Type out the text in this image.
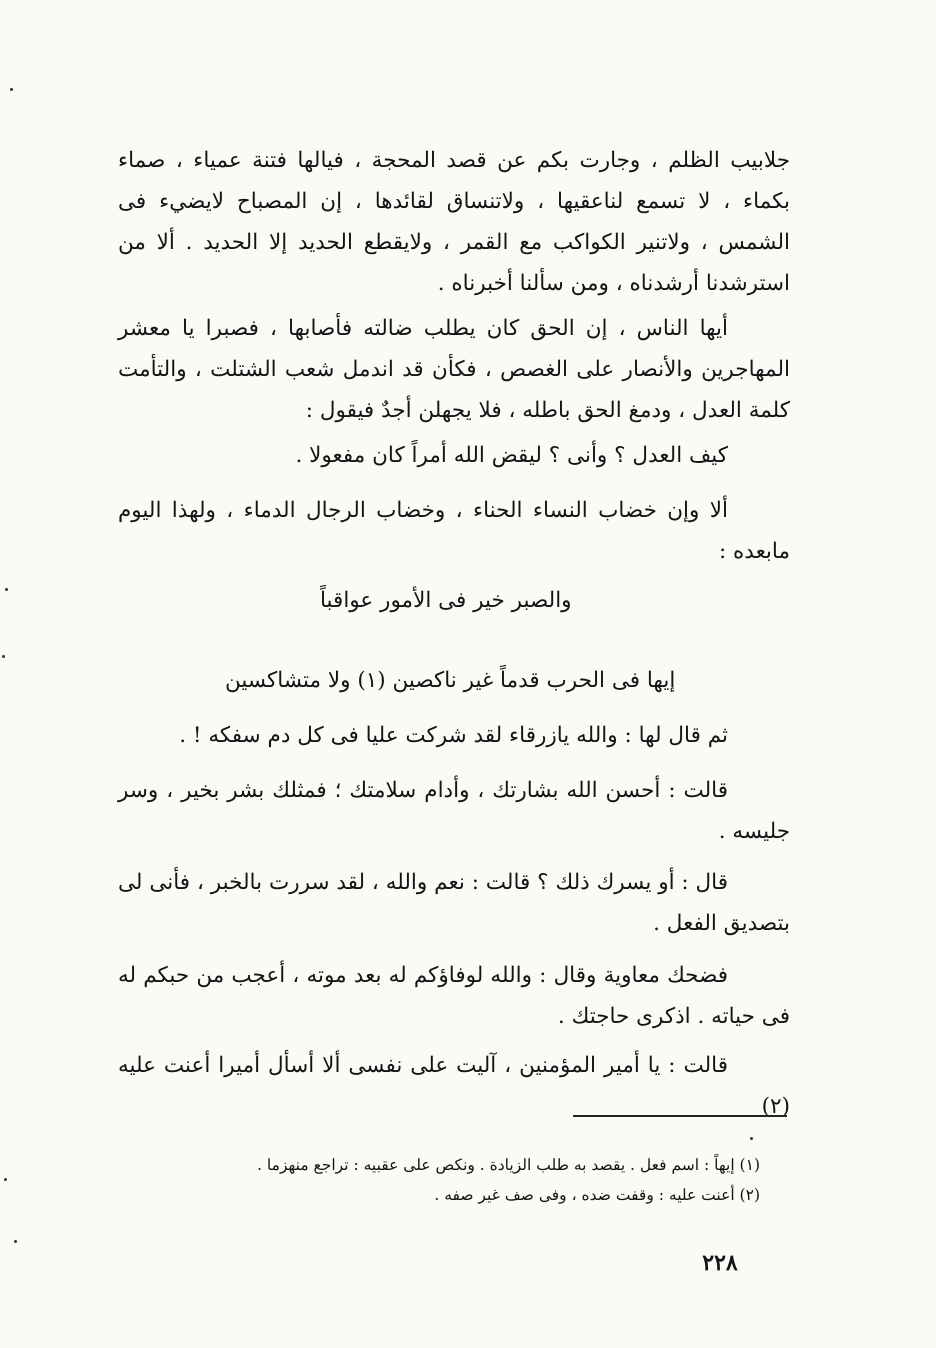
جلابيب الظلم ، وجارت بكم عن قصد المحجة ، فيالها فتنة عمياء ، صماء بكماء ، لا تسمع لناعقيها ، ولاتنساق لقائدها ، إن المصباح لايضيء فى الشمس ، ولاتنير الكواكب مع القمر ، ولايقطع الحديد إلا الحديد . ألا من استرشدنا أرشدناه ، ومن سألنا أخبرناه .

أيها الناس ، إن الحق كان يطلب ضالته فأصابها ، فصبرا يا معشر المهاجرين والأنصار على الغصص ، فكأن قد اندمل شعب الشتلت ، والتأمت كلمة العدل ، ودمغ الحق باطله ، فلا يجهلن أجدٌ فيقول :

كيف العدل ؟ وأنى ؟ ليقض الله أمراً كان مفعولا .

ألا وإن خضاب النساء الحناء ، وخضاب الرجال الدماء ، ولهذا اليوم مابعده :

والصبر خير فى الأمور عواقباً
إيها فى الحرب قدماً غير ناكصين (١) ولا متشاكسين

ثم قال لها : والله يازرقاء لقد شركت عليا فى كل دم سفكه ! .

قالت : أحسن الله بشارتك ، وأدام سلامتك ؛ فمثلك بشر بخير ، وسر جليسه .

قال : أو يسرك ذلك ؟ قالت : نعم والله ، لقد سررت بالخبر ، فأنى لى بتصديق الفعل .

فضحك معاوية وقال : والله لوفاؤكم له بعد موته ، أعجب من حبكم له فى حياته . اذكرى حاجتك .

قالت : يا أمير المؤمنين ، آليت على نفسى ألا أسأل أميرا أعنت عليه (٢)

(١) إيهاً : اسم فعل . يقصد به طلب الزيادة . ونكص على عقبيه : تراجع منهزما .
(٢) أعنت عليه : وقفت ضده ، وفى صف غير صفه .
٢٢٨
